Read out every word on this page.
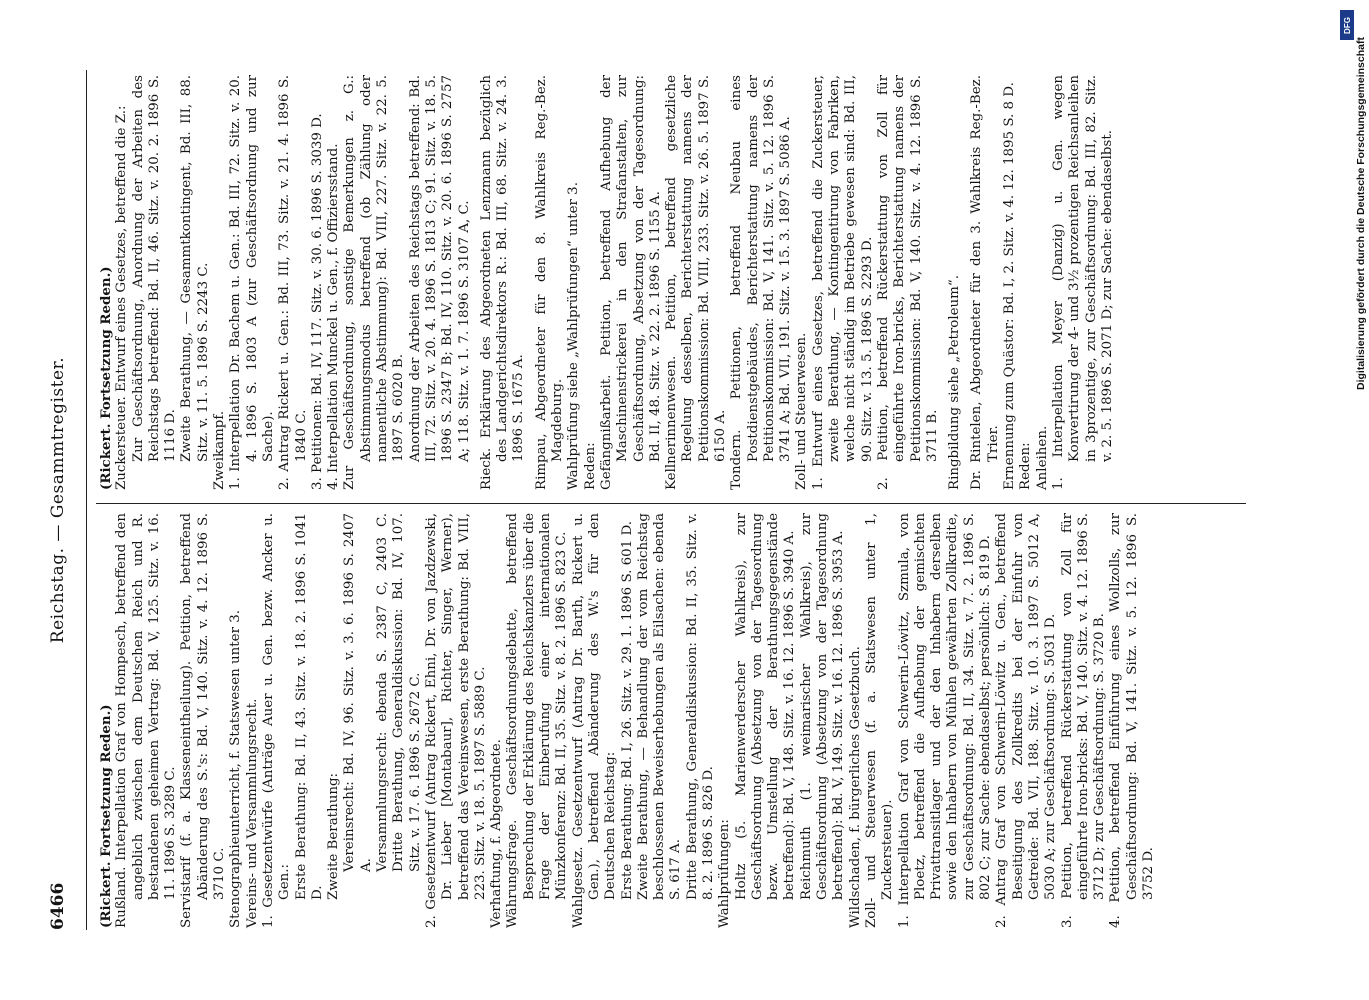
6466
Reichstag. — Gesammtregister.

(Rickert. Fortsetzung Reden.) Rußland. Interpellation Graf von Hompesch, betreffend den angeblich zwischen dem Deutschen Reich und R. bestandenen geheimen Vertrag: Bd. V, 125. Sitz. v. 16. 11. 1896 S. 3289 C. Servistarif (f. a. Klasseneintheilung). Petition, betreffend Abänderung des S.'s: Bd. V, 140. Sitz. v. 4. 12. 1896 S. 3710 C. Stenographieunterricht, f. Statswesen unter 3. Vereins- und Versammlungsrecht. 1. Gesetzentwürfe (Anträge Auer u. Gen. bezw. Ancker u. Gen.: Erste Berathung: Bd. II, 43. Sitz. v. 18. 2. 1896 S. 1041 D. Zweite Berathung: Vereinsrecht: Bd. IV, 96. Sitz. v. 3. 6. 1896 S. 2407 A. Versammlungsrecht: ebenda S. 2387 C, 2403 C. Dritte Berathung, Generaldiskussion: Bd. IV, 107. Sitz. v. 17. 6. 1896 S. 2672 C. 2. Gesetzentwurf (Antrag Rickert, Ehni, Dr. von Jazdzewski, Dr. Lieber [Montabaur], Richter, Singer, Werner), betreffend das Vereinswesen, erste Berathung: Bd. VIII, 223. Sitz. v. 18. 5. 1897 S. 5889 C. Verhaftung, f. Abgeordnete. Währungsfrage. Geschäftsordnungsdebatte, betreffend Besprechung der Erklärung des Reichskanzlers über die Frage der Einberufung einer internationalen Münzkonferenz: Bd. II, 35. Sitz. v. 8. 2. 1896 S. 823 C. Wahlgesetz. Gesetzentwurf (Antrag Dr. Barth, Rickert u. Gen.), betreffend Abänderung des W.'s für den Deutschen Reichstag: Erste Berathung: Bd. I, 26. Sitz. v. 29. 1. 1896 S. 601 D. Zweite Berathung, — Behandlung der vom Reichstag beschlossenen Beweiserhebungen als Eilsachen: ebenda S. 617 A. Dritte Berathung, Generaldiskussion: Bd. II, 35. Sitz. v. 8. 2. 1896 S. 826 D. Wahlprüfungen: Holtz (5. Marienwerderscher Wahlkreis), zur Geschäftsordnung (Absetzung von der Tagesordnung bezw. Umstellung der Berathungsgegenstände betreffend): Bd. V, 148. Sitz. v. 16. 12. 1896 S. 3940 A. Reichmuth (1. weimarischer Wahlkreis), zur Geschäftsordnung (Absetzung von der Tagesordnung betreffend): Bd. V, 149. Sitz. v. 16. 12. 1896 S. 3953 A. Wildschaden, f. bürgerliches Gesetzbuch. Zoll- und Steuerwesen (f. a. Statswesen unter 1, Zuckersteuer). 1. Interpellation Graf von Schwerin-Löwitz, Szmula, von Ploetz, betreffend die Aufhebung der gemischten Privattransitlager und der den Inhabern derselben sowie den Inhabern von Mühlen gewährten Zollkredite, zur Geschäftsordnung: Bd. II, 34. Sitz. v. 7. 2. 1896 S. 802 C; zur Sache: ebendaselbst; persönlich: S. 819 D. 2. Antrag Graf von Schwerin-Löwitz u. Gen., betreffend Beseitigung des Zollkredits bei der Einfuhr von Getreide: Bd. VII, 188. Sitz. v. 10. 3. 1897 S. 5012 A, 5030 A; zur Geschäftsordnung: S. 5031 D. 3. Petition, betreffend Rückerstattung von Zoll für eingeführte Iron-bricks: Bd. V, 140. Sitz. v. 4. 12. 1896 S. 3712 D; zur Geschäftsordnung: S. 3720 B. 4. Petition, betreffend Einführung eines Wollzolls, zur Geschäftsordnung: Bd. V, 141. Sitz. v. 5. 12. 1896 S. 3752 D.

(Rickert. Fortsetzung Reden.) Zuckersteuer. Entwurf eines Gesetzes, betreffend die Z.: Zur Geschäftsordnung, Anordnung der Arbeiten des Reichstags betreffend: Bd. II, 46. Sitz. v. 20. 2. 1896 S. 1116 D. Zweite Berathung, — Gesammtkontingent, Bd. III, 88. Sitz. v. 11. 5. 1896 S. 2243 C. Zweikampf. 1. Interpellation Dr. Bachem u. Gen.: Bd. III, 72. Sitz. v. 20. 4. 1896 S. 1803 A (zur Geschäftsordnung und zur Sache). 2. Antrag Rickert u. Gen.: Bd. III, 73. Sitz. v. 21. 4. 1896 S. 1840 C. 3. Petitionen: Bd. IV, 117. Sitz. v. 30. 6. 1896 S. 3039 D. 4. Interpellation Munckel u. Gen., f. Offiziersstand. Zur Geschäftsordnung, sonstige Bemerkungen z. G.: Abstimmungsmodus betreffend (ob Zählung oder namentliche Abstimmung): Bd. VIII, 227. Sitz. v. 22. 5. 1897 S. 6020 B. Anordnung der Arbeiten des Reichstags betreffend: Bd. III, 72. Sitz. v. 20. 4. 1896 S. 1813 C; 91. Sitz. v. 18. 5. 1896 S. 2347 B; Bd. IV, 110. Sitz. v. 20. 6. 1896 S. 2757 A; 118. Sitz. v. 1. 7. 1896 S. 3107 A, C. Rieck. Erklärung des Abgeordneten Lenzmann bezüglich des Landgerichtsdirektors R.: Bd. III, 68. Sitz. v. 24. 3. 1896 S. 1675 A. Rimpau, Abgeordneter für den 8. Wahlkreis Reg.-Bez. Magdeburg. Wahlprüfung siehe „Wahlprüfungen“ unter 3. Reden: Gefängnißarbeit. Petition, betreffend Aufhebung der Maschinenstrickerei in den Strafanstalten, zur Geschäftsordnung, Absetzung von der Tagesordnung: Bd. II, 48. Sitz. v. 22. 2. 1896 S. 1155 A. Kellnerinnenwesen. Petition, betreffend gesetzliche Regelung desselben, Berichterstattung namens der Petitionskommission: Bd. VIII, 233. Sitz. v. 26. 5. 1897 S. 6150 A. Tondern. Petitionen, betreffend Neubau eines Postdienstgebäudes, Berichterstattung namens der Petitionskommission: Bd. V, 141. Sitz. v. 5. 12. 1896 S. 3741 A; Bd. VII, 191. Sitz. v. 15. 3. 1897 S. 5086 A. Zoll- und Steuerwesen. 1. Entwurf eines Gesetzes, betreffend die Zuckersteuer, zweite Berathung, — Kontingentirung von Fabriken, welche nicht ständig im Betriebe gewesen sind: Bd. III, 90. Sitz. v. 13. 5. 1896 S. 2293 D. 2. Petition, betreffend Rückerstattung von Zoll für eingeführte Iron-bricks, Berichterstattung namens der Petitionskommission: Bd. V, 140. Sitz. v. 4. 12. 1896 S. 3711 B. Ringbildung siehe „Petroleum“. Dr. Rintelen, Abgeordneter für den 3. Wahlkreis Reg.-Bez. Trier. Ernennung zum Quästor: Bd. I, 2. Sitz. v. 4. 12. 1895 S. 8 D. Reden: Anleihen. 1. Interpellation Meyer (Danzig) u. Gen. wegen Konvertirung der 4- und 3½ prozentigen Reichsanleihen in 3prozentige, zur Geschäftsordnung: Bd. III, 82. Sitz. v. 2. 5. 1896 S. 2071 D; zur Sache: ebendaselbst.

DFG
Digitalisierung gefördert durch die Deutsche Forschungsgemeinschaft
